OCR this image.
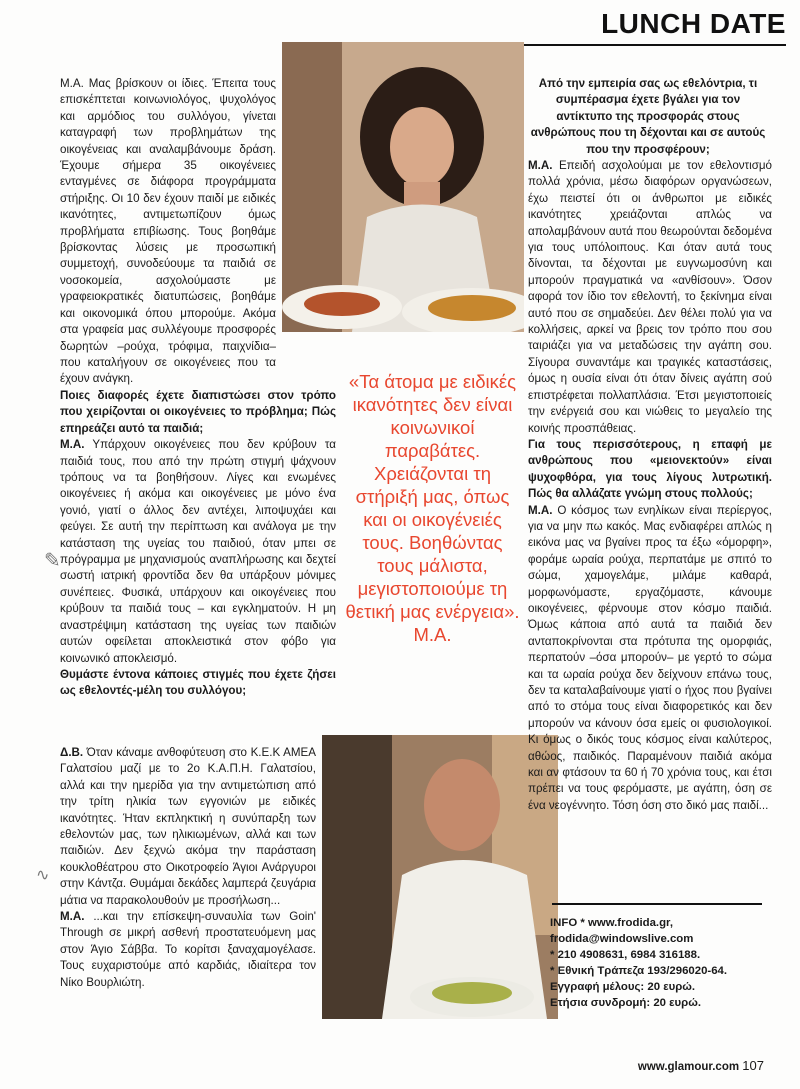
LUNCH DATE

Μ.Α. Μας βρίσκουν οι ίδιες. Έπειτα τους επισκέπτεται κοινωνιολόγος, ψυχολόγος και αρμόδιος του συλλόγου, γίνεται καταγραφή των προβλημάτων της οικογένειας και αναλαμβάνουμε δράση. Έχουμε σήμερα 35 οικογένειες ενταγμένες σε διάφορα προγράμματα στήριξης. Οι 10 δεν έχουν παιδί με ειδικές ικανότητες, αντιμετωπίζουν όμως προβλήματα επιβίωσης. Τους βοηθάμε βρίσκοντας λύσεις με προσωπική συμμετοχή, συνοδεύουμε τα παιδιά σε νοσοκομεία, ασχολούμαστε με γραφειοκρατικές διατυπώσεις, βοηθάμε και οικονομικά όπου μπορούμε. Ακόμα στα γραφεία μας συλλέγουμε προσφορές δωρητών –ρούχα, τρόφιμα, παιχνίδια– που καταλήγουν σε οικογένειες που τα έχουν ανάγκη.

Ποιες διαφορές έχετε διαπιστώσει στον τρόπο που χειρίζονται οι οικογένειες το πρόβλημα; Πώς επηρεάζει αυτό τα παιδιά;

Μ.Α. Υπάρχουν οικογένειες που δεν κρύβουν τα παιδιά τους, που από την πρώτη στιγμή ψάχνουν τρόπους να τα βοηθήσουν. Λίγες και ενωμένες οικογένειες ή ακόμα και οικογένειες με μόνο ένα γονιό, γιατί ο άλλος δεν αντέχει, λιποψυχάει και φεύγει. Σε αυτή την περίπτωση και ανάλογα με την κατάσταση της υγείας του παιδιού, όταν μπει σε πρόγραμμα με μηχανισμούς αναπλήρωσης και δεχτεί σωστή ιατρική φροντίδα δεν θα υπάρξουν μόνιμες συνέπειες. Φυσικά, υπάρχουν και οικογένειες που κρύβουν τα παιδιά τους – και εγκληματούν. Η μη αναστρέψιμη κατάσταση της υγείας των παιδιών αυτών οφείλεται αποκλειστικά στον φόβο για κοινωνικό αποκλεισμό.

Θυμάστε έντονα κάποιες στιγμές που έχετε ζήσει ως εθελοντές-μέλη του συλλόγου;

Δ.Β. Όταν κάναμε ανθοφύτευση στο Κ.Ε.Κ ΑΜΕΑ Γαλατσίου μαζί με το 2ο Κ.Α.Π.Η. Γαλατσίου, αλλά και την ημερίδα για την αντιμετώπιση από την τρίτη ηλικία των εγγονιών με ειδικές ικανότητες. Ήταν εκπληκτική η συνύπαρξη των εθελοντών μας, των ηλικιωμένων, αλλά και των παιδιών. Δεν ξεχνώ ακόμα την παράσταση κουκλοθέατρου στο Οικοτροφείο Άγιοι Ανάργυροι στην Κάντζα. Θυμάμαι δεκάδες λαμπερά ζευγάρια μάτια να παρακολουθούν με προσήλωση...

Μ.Α. ...και την επίσκεψη-συναυλία των Goin' Through σε μικρή ασθενή προστατευόμενη μας στον Άγιο Σάββα. Το κορίτσι ξαναχαμογέλασε. Τους ευχαριστούμε από καρδιάς, ιδιαίτερα τον Νίκο Βουρλιώτη.

«Τα άτομα με ειδικές ικανότητες δεν είναι κοινωνικοί παραβάτες. Χρειάζονται τη στήριξή μας, όπως και οι οικογένειές τους. Βοηθώντας τους μάλιστα, μεγιστοποιούμε τη θετική μας ενέργεια». Μ.Α.

Από την εμπειρία σας ως εθελόντρια, τι συμπέρασμα έχετε βγάλει για τον αντίκτυπο της προσφοράς στους ανθρώπους που τη δέχονται και σε αυτούς που την προσφέρουν;

Μ.Α. Επειδή ασχολούμαι με τον εθελοντισμό πολλά χρόνια, μέσω διαφόρων οργανώσεων, έχω πειστεί ότι οι άνθρωποι με ειδικές ικανότητες χρειάζονται απλώς να απολαμβάνουν αυτά που θεωρούνται δεδομένα για τους υπόλοιπους. Και όταν αυτά τους δίνονται, τα δέχονται με ευγνωμοσύνη και μπορούν πραγματικά να «ανθίσουν». Όσον αφορά τον ίδιο τον εθελοντή, το ξεκίνημα είναι αυτό που σε σημαδεύει. Δεν θέλει πολύ για να κολλήσεις, αρκεί να βρεις τον τρόπο που σου ταιριάζει για να μεταδώσεις την αγάπη σου. Σίγουρα συναντάμε και τραγικές καταστάσεις, όμως η ουσία είναι ότι όταν δίνεις αγάπη σού επιστρέφεται πολλαπλάσια. Έτσι μεγιστοποιείς την ενέργειά σου και νιώθεις το μεγαλείο της κοινής προσπάθειας.

Για τους περισσότερους, η επαφή με ανθρώπους που «μειονεκτούν» είναι ψυχοφθόρα, για τους λίγους λυτρωτική. Πώς θα αλλάζατε γνώμη στους πολλούς;

Μ.Α. Ο κόσμος των ενηλίκων είναι περίεργος, για να μην πω κακός. Μας ενδιαφέρει απλώς η εικόνα μας να βγαίνει προς τα έξω «όμορφη», φοράμε ωραία ρούχα, περπατάμε με σπιτό το σώμα, χαμογελάμε, μιλάμε καθαρά, μορφωνόμαστε, εργαζόμαστε, κάνουμε οικογένειες, φέρνουμε στον κόσμο παιδιά. Όμως κάποια από αυτά τα παιδιά δεν ανταποκρίνονται στα πρότυπα της ομορφιάς, περπατούν –όσα μπορούν– με γερτό το σώμα και τα ωραία ρούχα δεν δείχνουν επάνω τους, δεν τα καταλαβαίνουμε γιατί ο ήχος που βγαίνει από το στόμα τους είναι διαφορετικός και δεν μπορούν να κάνουν όσα εμείς οι φυσιολογικοί. Κι όμως ο δικός τους κόσμος είναι καλύτερος, αθώος, παιδικός. Παραμένουν παιδιά ακόμα και αν φτάσουν τα 60 ή 70 χρόνια τους, και έτσι πρέπει να τους φερόμαστε, με αγάπη, όση σε ένα νεογέννητο. Τόση όση στο δικό μας παιδί...

INFO * www.frodida.gr,
frodida@windowslive.com
* 210 4908631, 6984 316188.
* Εθνική Τράπεζα 193/296020-64.
Εγγραφή μέλους: 20 ευρώ.
Ετήσια συνδρομή: 20 ευρώ.
www.glamour.com 107
✎
∿
